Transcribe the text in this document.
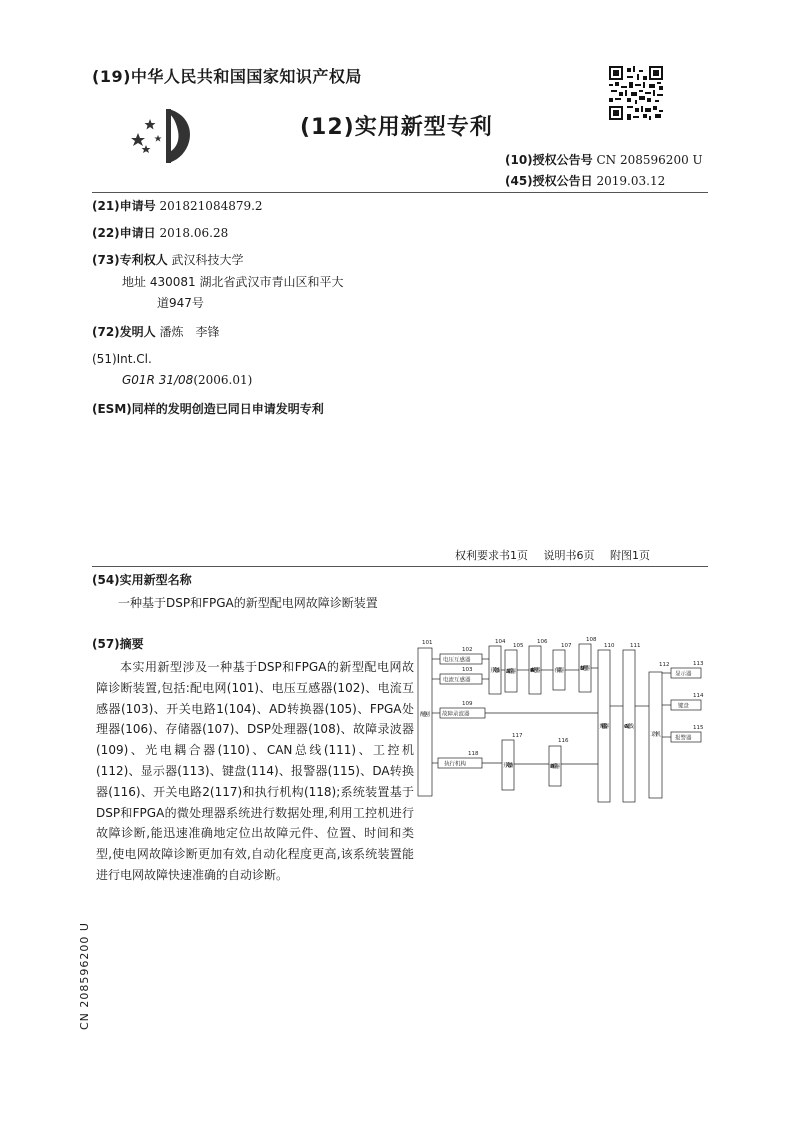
(19)中华人民共和国国家知识产权局
(12)实用新型专利
(10)授权公告号 CN 208596200 U
(45)授权公告日 2019.03.12
(21)申请号 201821084879.2
(22)申请日 2018.06.28
(73)专利权人 武汉科技大学
地址 430081 湖北省武汉市青山区和平大
道947号
(72)发明人 潘炼　李锋
(51)Int.Cl.
G01R 31/08(2006.01)
(ESM)同样的发明创造已同日申请发明专利
权利要求书1页 说明书6页 附图1页
(54)实用新型名称
一种基于DSP和FPGA的新型配电网故障诊断装置
(57)摘要
本实用新型涉及一种基于DSP和FPGA的新型配电网故障诊断装置,包括:配电网(101)、电压互感器(102)、电流互感器(103)、开关电路1(104)、AD转换器(105)、FPGA处理器(106)、存储器(107)、DSP处理器(108)、故障录波器(109)、光电耦合器(110)、CAN总线(111)、工控机(112)、显示器(113)、键盘(114)、报警器(115)、DA转换器(116)、开关电路2(117)和执行机构(118);系统装置基于DSP和FPGA的微处理器系统进行数据处理,利用工控机进行故障诊断,能迅速准确地定位出故障元件、位置、时间和类型,使电网故障诊断更加有效,自动化程度更高,该系统装置能进行电网故障快速准确的自动诊断。
CN 208596200 U
101
102
103
104
105
106
107
108
109
110	111
112	113
114
115
116
117
118
配电网
电压互感器
电流互感器
开关电路1 AD转换器	FPGA处理器 存储器	DSP处理器
故障录波器
光电耦合器	CAN总线
工控机
显示器
键盘
报警器
DA转换器
开关电路2
执行机构
